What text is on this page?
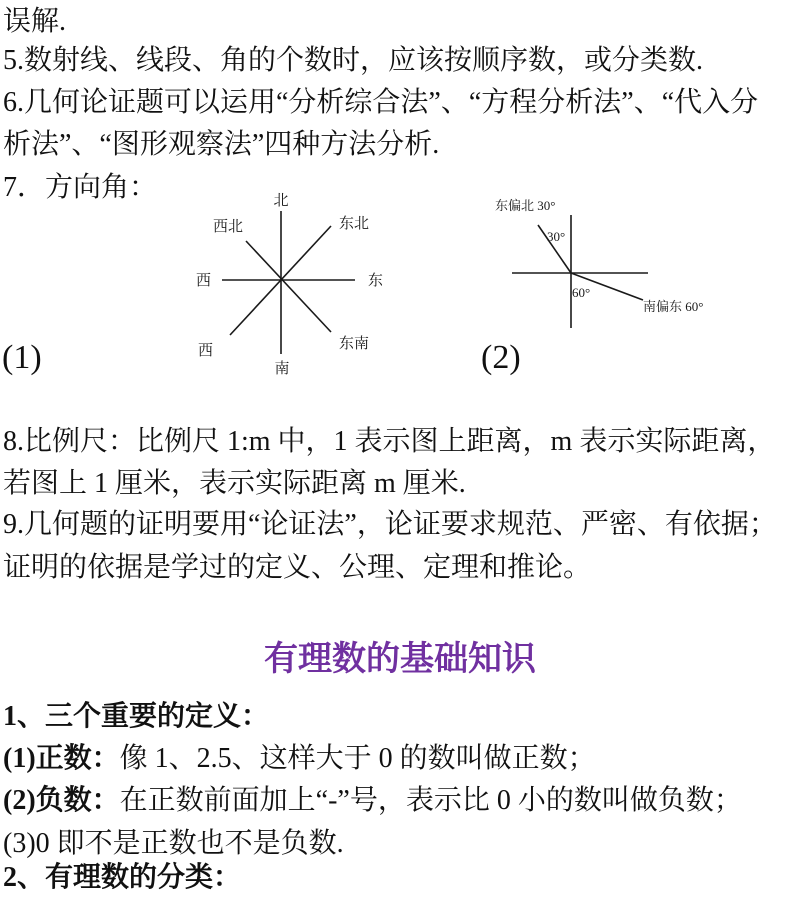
误解.
5.数射线、线段、角的个数时，应该按顺序数，或分类数.
6.几何论证题可以运用“分析综合法”、“方程分析法”、“代入分
析法”、“图形观察法”四种方法分析.
7．方向角：	北
东北
东
东南
南
西
西
西北
东偏北 30°
30°
60°
南偏东 60°
(1)	(2)
8.比例尺：比例尺 1:m 中，1 表示图上距离，m 表示实际距离，
若图上 1 厘米，表示实际距离 m 厘米.
9.几何题的证明要用“论证法”，论证要求规范、严密、有依据；
证明的依据是学过的定义、公理、定理和推论。
有理数的基础知识
1、三个重要的定义：
(1)正数：像 1、2.5、这样大于 0 的数叫做正数；
(2)负数：在正数前面加上“-”号，表示比 0 小的数叫做负数；
(3)0 即不是正数也不是负数.
2、有理数的分类：
